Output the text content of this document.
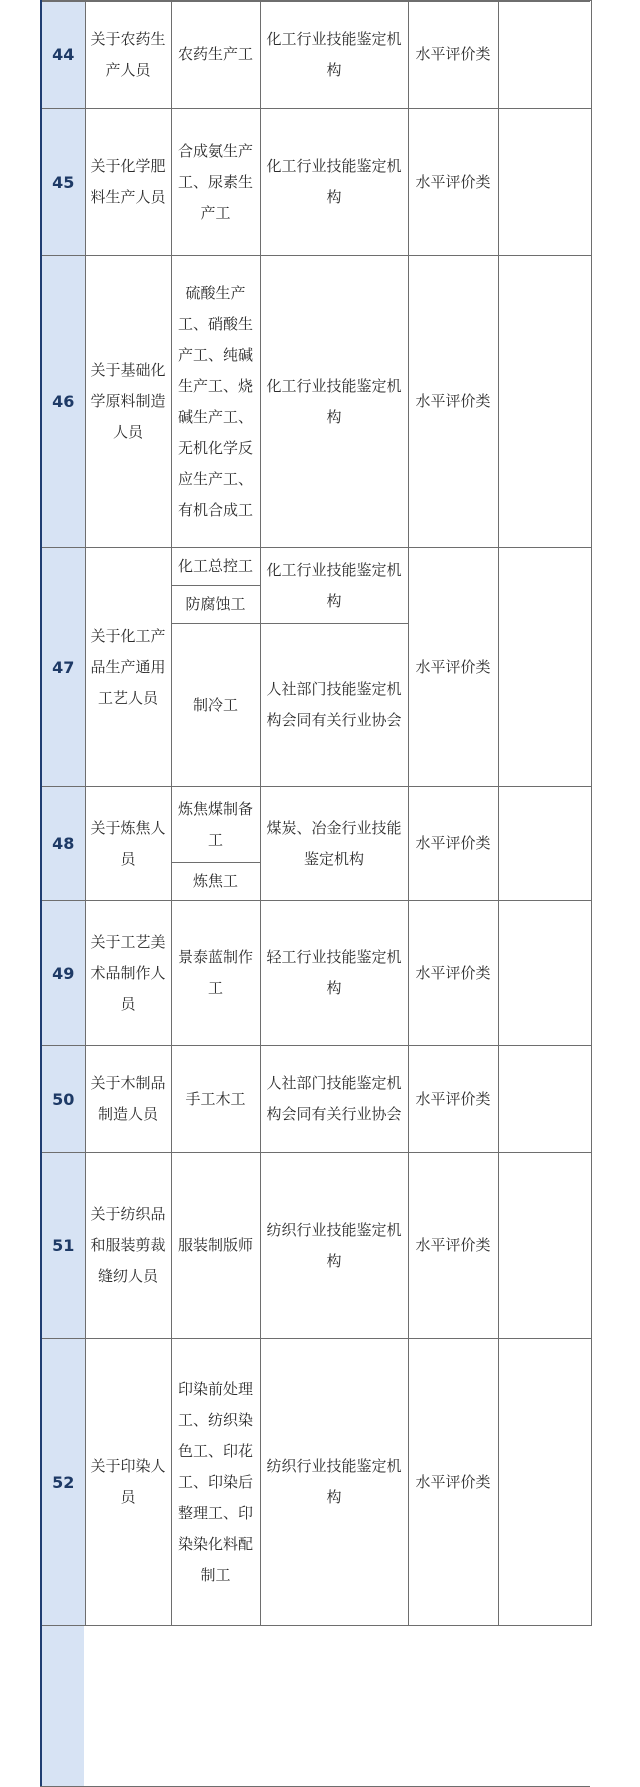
44	关于农药生产人员	农药生产工	化工行业技能鉴定机构	水平评价类	
45	关于化学肥料生产人员	合成氨生产工、尿素生产工	化工行业技能鉴定机构	水平评价类	
46	关于基础化学原料制造人员	硫酸生产工、硝酸生产工、纯碱生产工、烧碱生产工、无机化学反应生产工、有机合成工	化工行业技能鉴定机构	水平评价类	
47	关于化工产品生产通用工艺人员	化工总控工	化工行业技能鉴定机构	水平评价类	
		防腐蚀工			
		制冷工	人社部门技能鉴定机构会同有关行业协会		
48	关于炼焦人员	炼焦煤制备工	煤炭、冶金行业技能鉴定机构	水平评价类	
		炼焦工			
49	关于工艺美术品制作人员	景泰蓝制作工	轻工行业技能鉴定机构	水平评价类	
50	关于木制品制造人员	手工木工	人社部门技能鉴定机构会同有关行业协会	水平评价类	
51	关于纺织品和服装剪裁缝纫人员	服装制版师	纺织行业技能鉴定机构	水平评价类	
52	关于印染人员	印染前处理工、纺织染色工、印花工、印染后整理工、印染染化料配制工	纺织行业技能鉴定机构	水平评价类	
